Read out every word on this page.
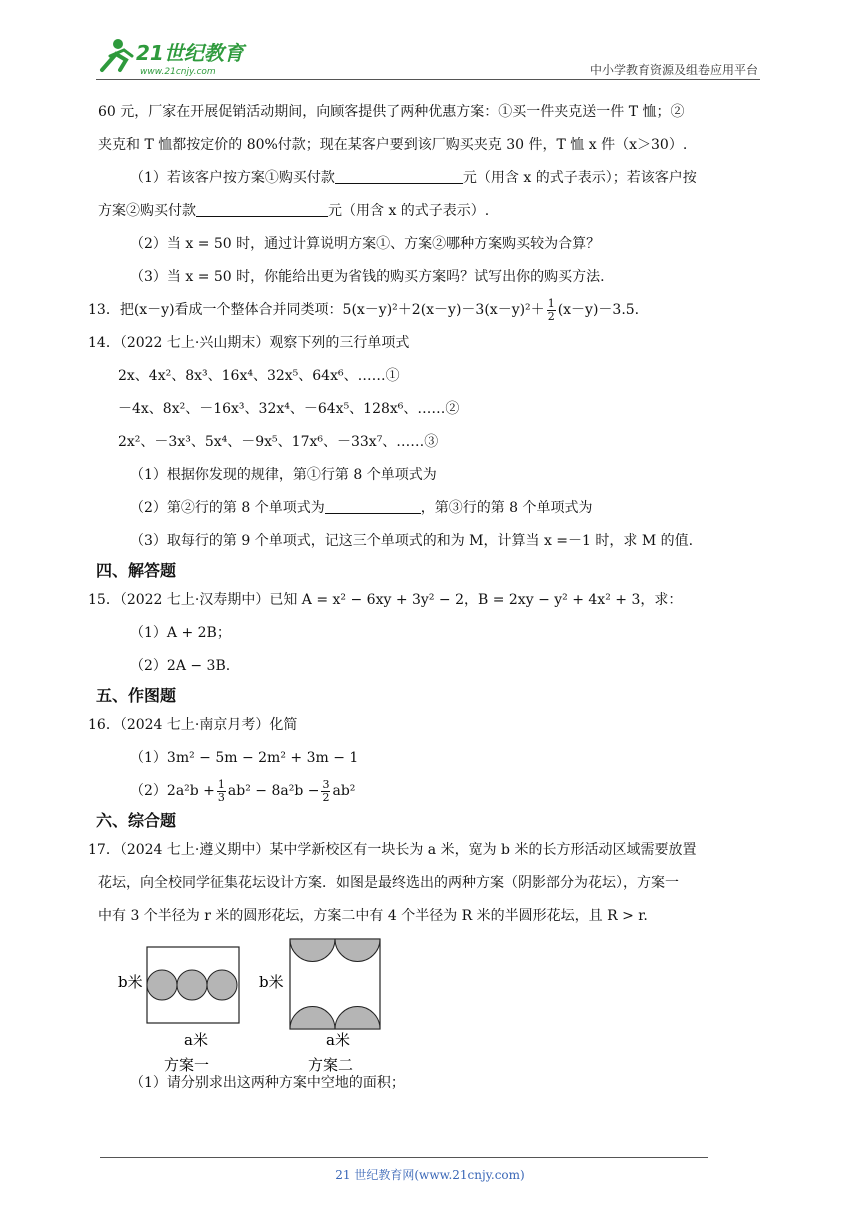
21世纪教育
www.21cnjy.com	中小学教育资源及组卷应用平台
60 元，厂家在开展促销活动期间，向顾客提供了两种优惠方案：①买一件夹克送一件 T 恤；②
夹克和 T 恤都按定价的 80%付款；现在某客户要到该厂购买夹克 30 件，T 恤 x 件（x＞30）.
（1）若该客户按方案①购买付款	元（用含 x 的式子表示）；若该客户按
方案②购买付款	元（用含 x 的式子表示）.
（2）当 x = 50 时，通过计算说明方案①、方案②哪种方案购买较为合算？
（3）当 x = 50 时，你能给出更为省钱的购买方案吗？试写出你的购买方法.
13．把(x－y)看成一个整体合并同类项：$5(x-y)^2+2(x-y)-3(x-y)^2+ \frac{1}{2} (x-y)-3.5$.
14．（2022 七上·兴山期末）观察下列的三行单项式
2x、4x²、8x³、16x⁴、32x⁵、64x⁶、……①
－4x、8x²、－16x³、32x⁴、－64x⁵、128x⁶、……②
2x²、－3x³、5x⁴、－9x⁵、17x⁶、－33x⁷、……③
（1）根据你发现的规律，第①行第 8 个单项式为
（2）第②行的第 8 个单项式为	，第③行的第 8 个单项式为
（3）取每行的第 9 个单项式，记这三个单项式的和为 M，计算当 x =－1 时，求 M 的值.
四、解答题
15．（2022 七上·汉寿期中）已知 A = x² − 6xy + 3y² − 2，B = 2xy − y² + 4x² + 3，求：
（1）A + 2B；
（2）2A − 3B.
五、作图题
16．（2024 七上·南京月考）化简
（1）3m² − 5m − 2m² + 3m − 1
$(2)2a^2b + \frac{1}{3} ab^2 - 8a^2b - \frac{3}{2} ab^2$
六、综合题
17．（2024 七上·遵义期中）某中学新校区有一块长为 a 米，宽为 b 米的长方形活动区域需要放置
花坛，向全校同学征集花坛设计方案．如图是最终选出的两种方案（阴影部分为花坛），方案一
中有 3 个半径为 r 米的圆形花坛，方案二中有 4 个半径为 R 米的半圆形花坛，且 R > r.
b米
a米
方案一
b米
a米
方案二
（1）请分别求出这两种方案中空地的面积；
21 世纪教育网(www.21cnjy.com)
